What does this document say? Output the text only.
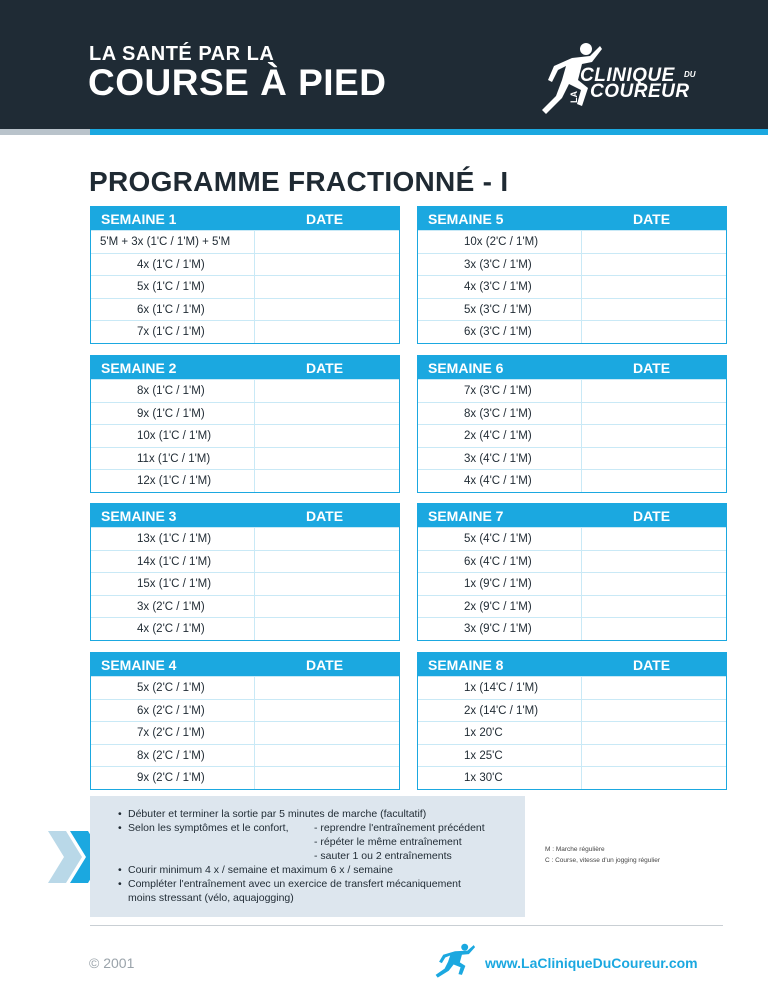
LA SANTÉ PAR LA
COURSE À PIED	LA
CLINIQUE DU
COUREUR
PROGRAMME FRACTIONNÉ - I
SEMAINE 1	DATE
5'M + 3x (1'C / 1'M) + 5'M
4x (1'C / 1'M)
5x (1'C / 1'M)
6x (1'C / 1'M)
7x (1'C / 1'M)
SEMAINE 2	DATE
8x (1'C / 1'M)
9x (1'C / 1'M)
10x (1'C / 1'M)
11x (1'C / 1'M)
12x (1'C / 1'M)
SEMAINE 3	DATE
13x (1'C / 1'M)
14x (1'C / 1'M)
15x (1'C / 1'M)
3x (2'C / 1'M)
4x (2'C / 1'M)
SEMAINE 4	DATE
5x (2'C / 1'M)
6x (2'C / 1'M)
7x (2'C / 1'M)
8x (2'C / 1'M)
9x (2'C / 1'M)
SEMAINE 5	DATE
10x (2'C / 1'M)
3x (3'C / 1'M)
4x (3'C / 1'M)
5x (3'C / 1'M)
6x (3'C / 1'M)
SEMAINE 6	DATE
7x (3'C / 1'M)
8x (3'C / 1'M)
2x (4'C / 1'M)
3x (4'C / 1'M)
4x (4'C / 1'M)
SEMAINE 7	DATE
5x (4'C / 1'M)
6x (4'C / 1'M)
1x (9'C / 1'M)
2x (9'C / 1'M)
3x (9'C / 1'M)
SEMAINE 8	DATE
1x (14'C / 1'M)
2x (14'C / 1'M)
1x 20'C
1x 25'C
1x 30'C
• Débuter et terminer la sortie par 5 minutes de marche (facultatif)
• Selon les symptômes et le confort, - reprendre l'entraînement précédent
- répéter le même entraînement
- sauter 1 ou 2 entraînements
• Courir minimum 4 x / semaine et maximum 6 x / semaine
• Compléter l'entraînement avec un exercice de transfert mécaniquement
moins stressant (vélo, aquajogging)
M : Marche régulière
C : Course, vitesse d'un jogging régulier
© 2001	www.LaCliniqueDuCoureur.com
